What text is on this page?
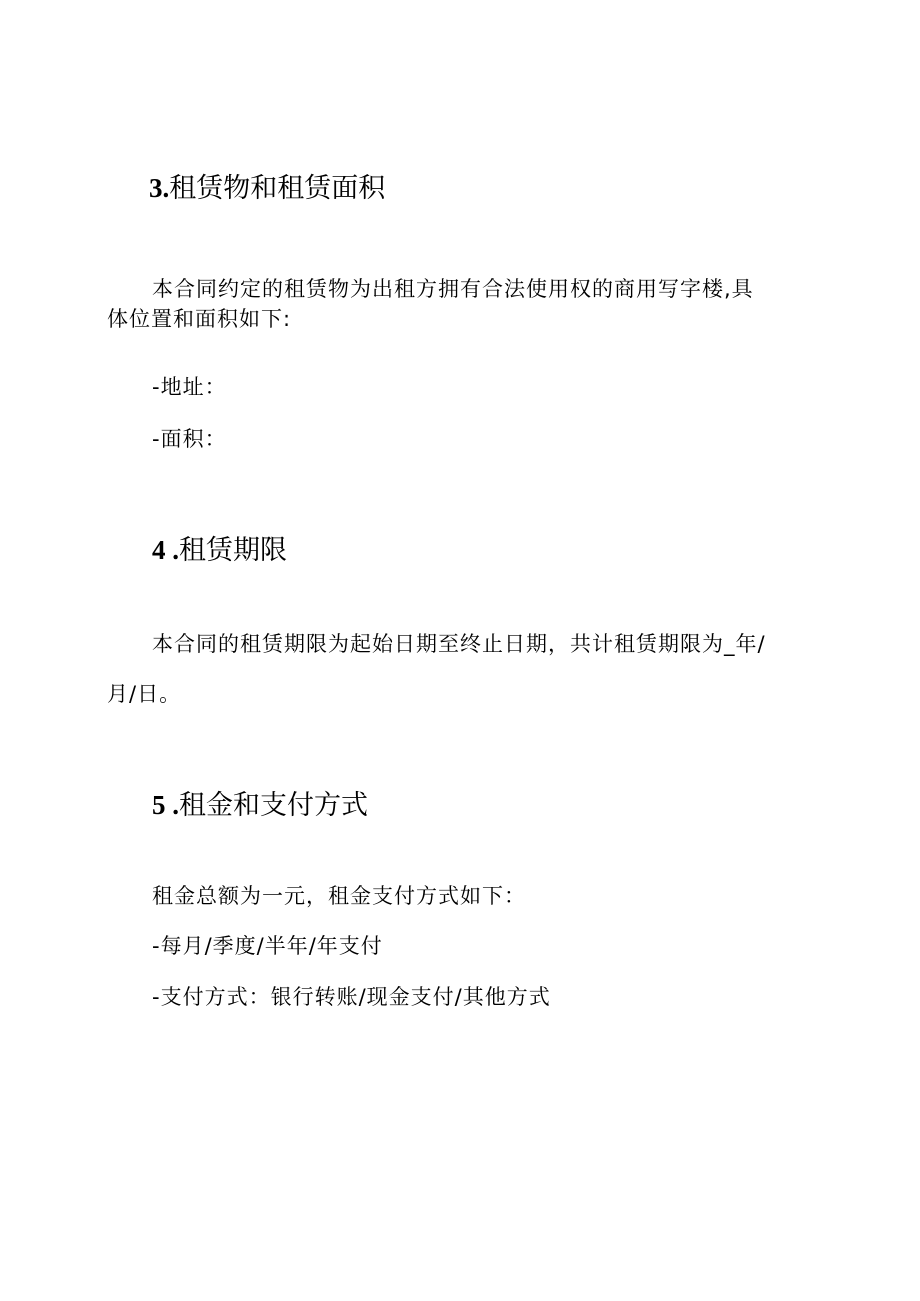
3.租赁物和租赁面积

本合同约定的租赁物为出租方拥有合法使用权的商用写字楼,具

体位置和面积如下:

-地址：

-面积：

4 .租赁期限

本合同的租赁期限为起始日期至终止日期，共计租赁期限为_年/

月/日。

5 .租金和支付方式

租金总额为一元，租金支付方式如下：

-每月/季度/半年/年支付

-支付方式：银行转账/现金支付/其他方式
